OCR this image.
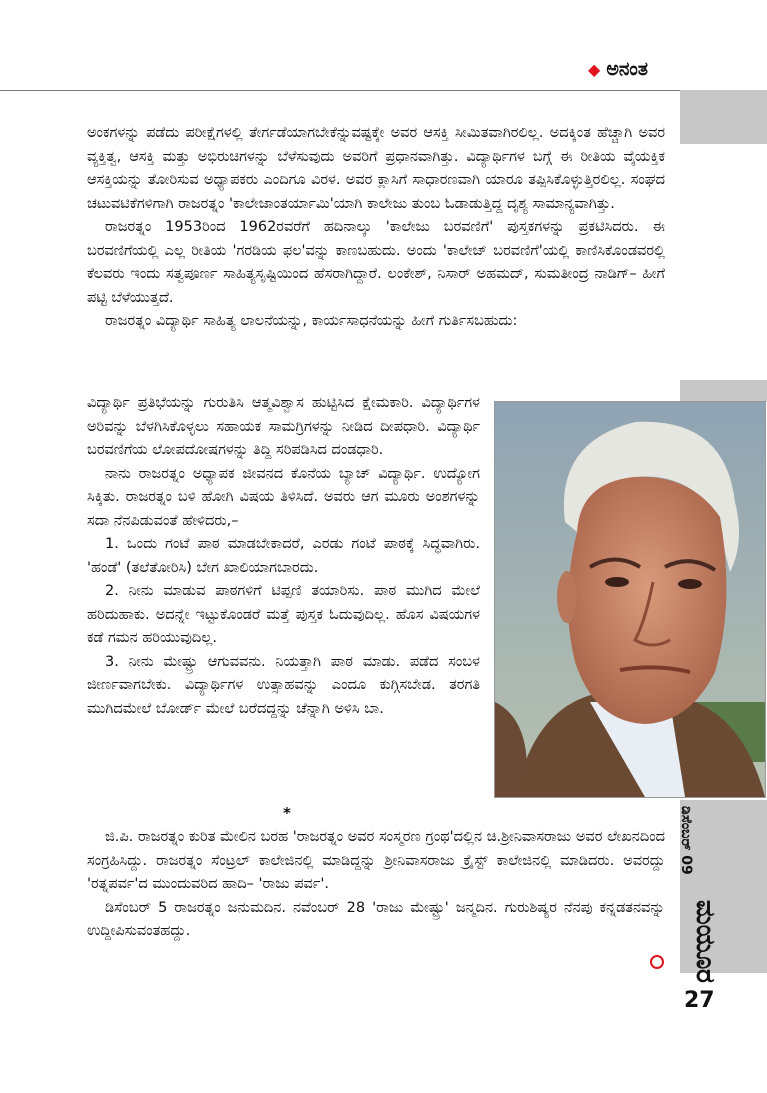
◆ ಅನಂತ
ಡಿಸೆಂಬರ್ 09
ಮಯೂರ

ಅಂಕಗಳನ್ನು ಪಡೆದು ಪರೀಕ್ಷೆಗಳಲ್ಲಿ ತೇರ್ಗಡೆಯಾಗಬೇಕೆನ್ನುವಷ್ಟಕ್ಕೇ ಅವರ ಆಸಕ್ತಿ ಸೀಮಿತವಾಗಿರಲಿಲ್ಲ. ಅದಕ್ಕಿಂತ ಹೆಚ್ಚಾಗಿ ಅವರ ವ್ಯಕ್ತಿತ್ವ, ಆಸಕ್ತಿ ಮತ್ತು ಅಭಿರುಚಿಗಳನ್ನು ಬೆಳೆಸುವುದು ಅವರಿಗೆ ಪ್ರಧಾನವಾಗಿತ್ತು. ವಿದ್ಯಾರ್ಥಿಗಳ ಬಗ್ಗೆ ಈ ರೀತಿಯ ವೈಯಕ್ತಿಕ ಆಸಕ್ತಿಯನ್ನು ತೋರಿಸುವ ಅಧ್ಯಾಪಕರು ಎಂದಿಗೂ ವಿರಳ. ಅವರ ಕ್ಲಾಸಿಗೆ ಸಾಧಾರಣವಾಗಿ ಯಾರೂ ತಪ್ಪಿಸಿಕೊಳ್ಳುತ್ತಿರಲಿಲ್ಲ. ಸಂಘದ ಚಟುವಟಿಕೆಗಳಿಗಾಗಿ ರಾಜರತ್ನಂ 'ಕಾಲೇಜಾಂತರ್ಯಾಮಿ'ಯಾಗಿ ಕಾಲೇಜು ತುಂಬ ಓಡಾಡುತ್ತಿದ್ದ ದೃಶ್ಯ ಸಾಮಾನ್ಯವಾಗಿತ್ತು.

ರಾಜರತ್ನಂ 1953ರಿಂದ 1962ರವರೆಗೆ ಹದಿನಾಲ್ಕು 'ಕಾಲೇಜು ಬರವಣಿಗೆ' ಪುಸ್ತಕಗಳನ್ನು ಪ್ರಕಟಿಸಿದರು. ಈ ಬರವಣಿಗೆಯಲ್ಲಿ ಎಲ್ಲ ರೀತಿಯ 'ಗರಡಿಯ ಫಲ'ವನ್ನು ಕಾಣಬಹುದು. ಅಂದು 'ಕಾಲೇಜ್ ಬರವಣಿಗೆ'ಯಲ್ಲಿ ಕಾಣಿಸಿಕೊಂಡವರಲ್ಲಿ ಕೆಲವರು ಇಂದು ಸತ್ವಪೂರ್ಣ ಸಾಹಿತ್ಯಸೃಷ್ಟಿಯಿಂದ ಹೆಸರಾಗಿದ್ದಾರೆ. ಲಂಕೇಶ್, ನಿಸಾರ್ ಅಹಮದ್, ಸುಮತೀಂದ್ರ ನಾಡಿಗ್‌– ಹೀಗೆ ಪಟ್ಟಿ ಬೆಳೆಯುತ್ತದೆ.

ರಾಜರತ್ನಂ ವಿದ್ಯಾರ್ಥಿ ಸಾಹಿತ್ಯ ಲಾಲನೆಯನ್ನು, ಕಾರ್ಯಸಾಧನೆಯನ್ನು ಹೀಗೆ ಗುರ್ತಿಸಬಹುದು:

ವಿದ್ಯಾರ್ಥಿ ಪ್ರತಿಭೆಯನ್ನು ಗುರುತಿಸಿ ಆತ್ಮವಿಶ್ವಾಸ ಹುಟ್ಟಿಸಿದ ಕ್ಷೇಮಕಾರಿ. ವಿದ್ಯಾರ್ಥಿಗಳ ಅರಿವನ್ನು ಬೆಳಗಿಸಿಕೊಳ್ಳಲು ಸಹಾಯಕ ಸಾಮಗ್ರಿಗಳನ್ನು ನೀಡಿದ ದೀಪಧಾರಿ. ವಿದ್ಯಾರ್ಥಿ ಬರವಣಿಗೆಯ ಲೋಪದೋಷಗಳನ್ನು ತಿದ್ದಿ ಸರಿಪಡಿಸಿದ ದಂಡಧಾರಿ.

ನಾನು ರಾಜರತ್ನಂ ಅಧ್ಯಾಪಕ ಜೀವನದ ಕೊನೆಯ ಬ್ಯಾಚ್ ವಿದ್ಯಾರ್ಥಿ. ಉದ್ಯೋಗ ಸಿಕ್ಕಿತು. ರಾಜರತ್ನಂ ಬಳಿ ಹೋಗಿ ವಿಷಯ ತಿಳಿಸಿದೆ. ಅವರು ಆಗ ಮೂರು ಅಂಶಗಳನ್ನು ಸದಾ ನೆನಪಿಡುವಂತೆ ಹೇಳಿದರು,–

1. ಒಂದು ಗಂಟೆ ಪಾಠ ಮಾಡಬೇಕಾದರೆ, ಎರಡು ಗಂಟೆ ಪಾಠಕ್ಕೆ ಸಿದ್ಧವಾಗಿರು. 'ಹಂಡೆ' (ತಲೆತೋರಿಸಿ) ಬೇಗ ಖಾಲಿಯಾಗಬಾರದು.

2. ನೀನು ಮಾಡುವ ಪಾಠಗಳಿಗೆ ಟಿಪ್ಪಣಿ ತಯಾರಿಸು. ಪಾಠ ಮುಗಿದ ಮೇಲೆ ಹರಿದುಹಾಕು. ಅದನ್ನೇ ಇಟ್ಟುಕೊಂಡರೆ ಮತ್ತೆ ಪುಸ್ತಕ ಓದುವುದಿಲ್ಲ. ಹೊಸ ವಿಷಯಗಳ ಕಡೆ ಗಮನ ಹರಿಯುವುದಿಲ್ಲ.

3. ನೀನು ಮೇಷ್ಟ್ರು ಆಗುವವನು. ನಿಯತ್ತಾಗಿ ಪಾಠ ಮಾಡು. ಪಡೆದ ಸಂಬಳ ಜೀರ್ಣವಾಗಬೇಕು. ವಿದ್ಯಾರ್ಥಿಗಳ ಉತ್ಸಾಹವನ್ನು ಎಂದೂ ಕುಗ್ಗಿಸಬೇಡ. ತರಗತಿ ಮುಗಿದಮೇಲೆ ಬೋರ್ಡ್ ಮೇಲೆ ಬರೆದದ್ದನ್ನು ಚೆನ್ನಾಗಿ ಅಳಿಸಿ ಬಾ.

*

ಜಿ.ಪಿ. ರಾಜರತ್ನಂ ಕುರಿತ ಮೇಲಿನ ಬರಹ 'ರಾಜರತ್ನಂ ಅವರ ಸಂಸ್ಮರಣ ಗ್ರಂಥ'ದಲ್ಲಿನ ಚಿ.ಶ್ರೀನಿವಾಸರಾಜು ಅವರ ಲೇಖನದಿಂದ ಸಂಗ್ರಹಿಸಿದ್ದು. ರಾಜರತ್ನಂ ಸೆಂಟ್ರಲ್ ಕಾಲೇಜಿನಲ್ಲಿ ಮಾಡಿದ್ದನ್ನು ಶ್ರೀನಿವಾಸರಾಜು ಕ್ರೈಸ್ಟ್ ಕಾಲೇಜಿನಲ್ಲಿ ಮಾಡಿದರು. ಅವರದ್ದು 'ರತ್ನಪರ್ವ'ದ ಮುಂದುವರಿದ ಹಾದಿ– 'ರಾಜು ಪರ್ವ'.

ಡಿಸೆಂಬರ್ 5 ರಾಜರತ್ನಂ ಜನುಮದಿನ. ನವೆಂಬರ್ 28 'ರಾಜು ಮೇಷ್ಟ್ರು' ಜನ್ಮದಿನ. ಗುರುಶಿಷ್ಯರ ನೆನಪು ಕನ್ನಡತನವನ್ನು ಉದ್ದೀಪಿಸುವಂತಹದ್ದು.

27
